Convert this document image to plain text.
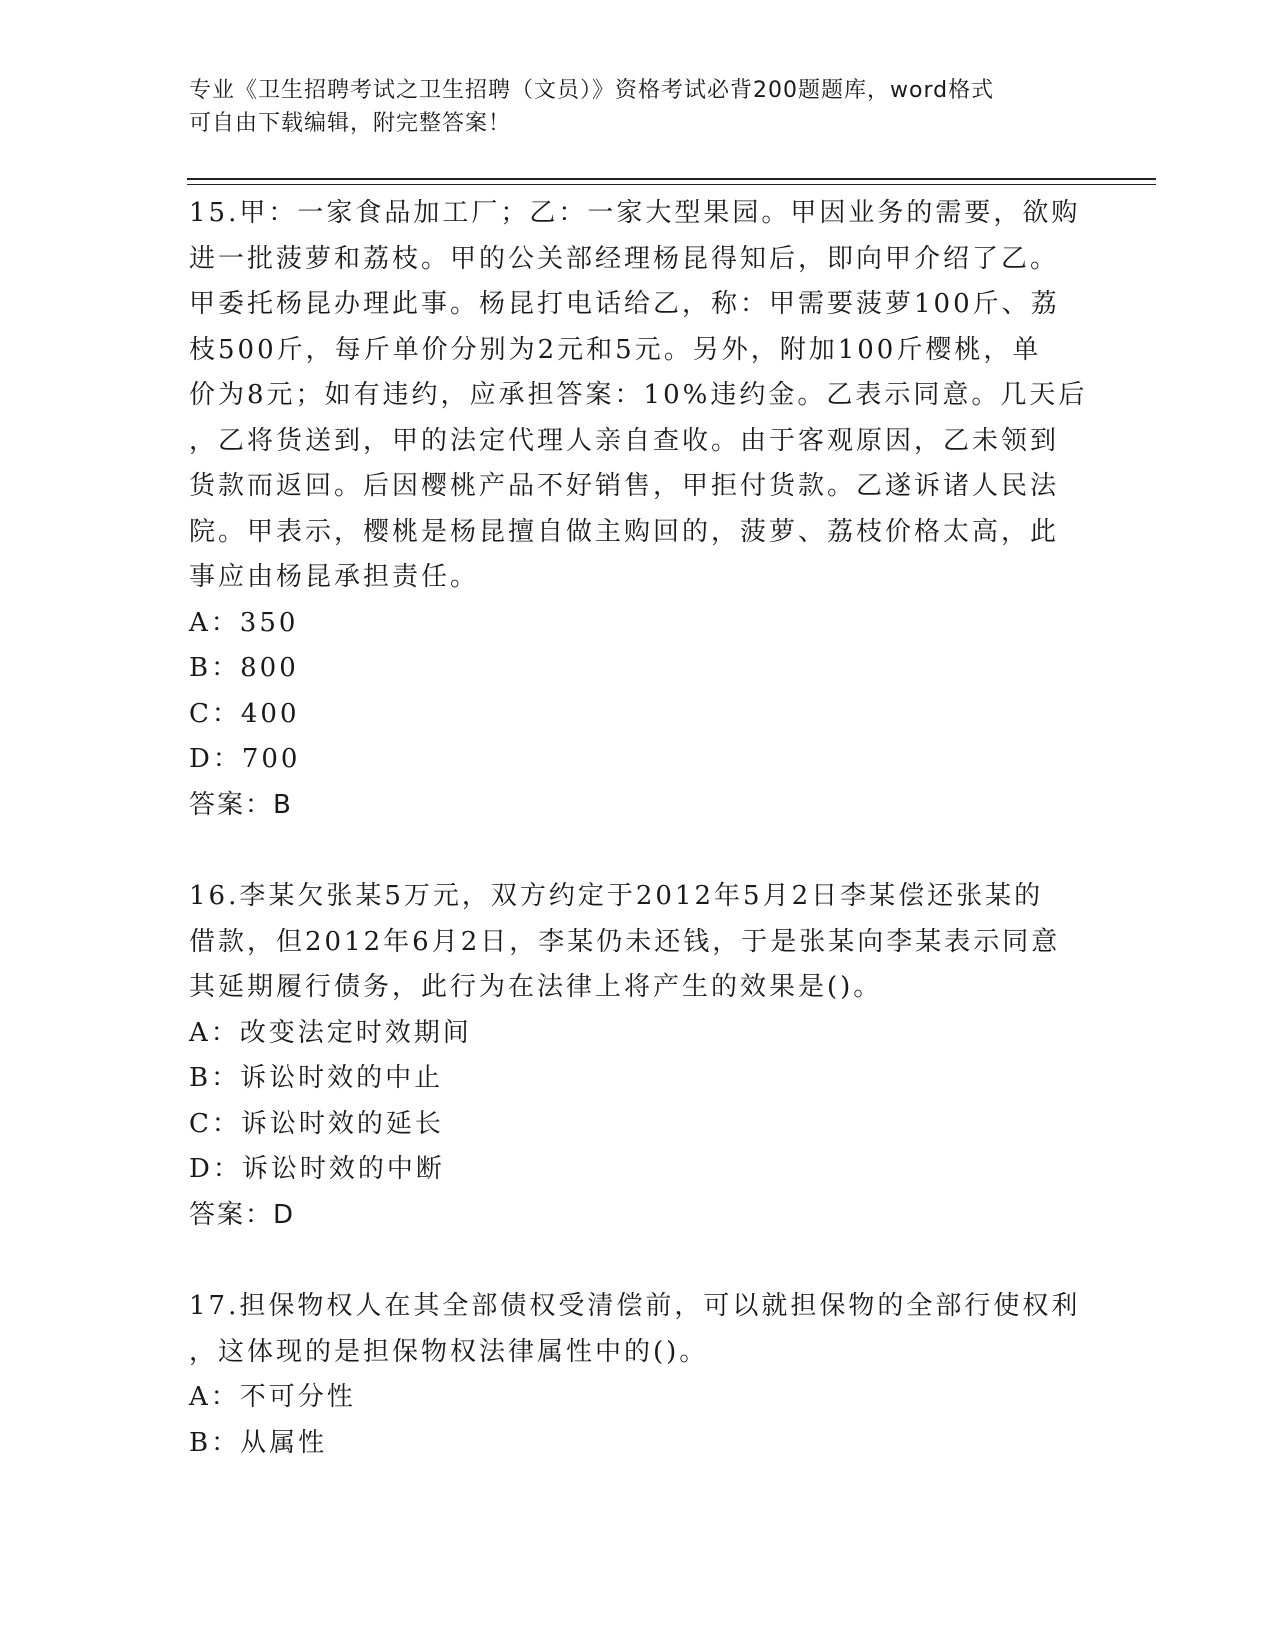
专业《卫生招聘考试之卫生招聘（文员）》资格考试必背200题题库，word格式
可自由下载编辑，附完整答案！
15.甲：一家食品加工厂；乙：一家大型果园。甲因业务的需要，欲购
进一批菠萝和荔枝。甲的公关部经理杨昆得知后，即向甲介绍了乙。
甲委托杨昆办理此事。杨昆打电话给乙，称：甲需要菠萝100斤、荔
枝500斤，每斤单价分别为2元和5元。另外，附加100斤樱桃，单
价为8元；如有违约，应承担答案：10%违约金。乙表示同意。几天后
，乙将货送到，甲的法定代理人亲自查收。由于客观原因，乙未领到
货款而返回。后因樱桃产品不好销售，甲拒付货款。乙遂诉诸人民法
院。甲表示，樱桃是杨昆擅自做主购回的，菠萝、荔枝价格太高，此
事应由杨昆承担责任。
A：350
B：800
C：400
D：700
答案：B
16.李某欠张某5万元，双方约定于2012年5月2日李某偿还张某的
借款，但2012年6月2日，李某仍未还钱，于是张某向李某表示同意
其延期履行债务，此行为在法律上将产生的效果是()。
A：改变法定时效期间
B：诉讼时效的中止
C：诉讼时效的延长
D：诉讼时效的中断
答案：D
17.担保物权人在其全部债权受清偿前，可以就担保物的全部行使权利
，这体现的是担保物权法律属性中的()。
A：不可分性
B：从属性
